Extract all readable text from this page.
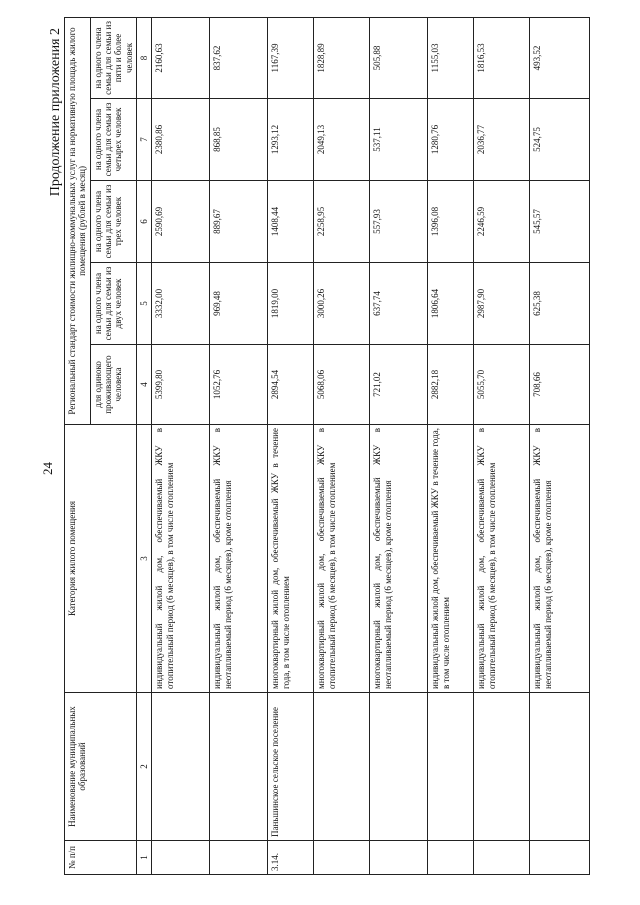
24
Продолжение приложения 2
№ п/п	Наименование муниципальных образований	Категория жилого помещения	Региональный стандарт стоимости жилищно-коммунальных услуг на нормативную площадь жилого помещения (рублей в месяц)				
			для одиноко проживающего человека	на одного члена семьи для семьи из двух человек	на одного члена семьи для семьи из трех человек	на одного члена семьи для семьи из четырех человек	на одного члена семьи для семьи из пяти и более человек
1	2	3	4	5	6	7	8
		индивидуальный жилой дом, обеспечиваемый ЖКУ в отопительный период (6 месяцев), в том числе отоплением	5399,80	3332,00	2590,69	2380,86	2160,63
		индивидуальный жилой дом, обеспечиваемый ЖКУ в неотапливаемый период (6 месяцев), кроме отопления	1052,76	969,48	889,67	868,85	837,62
3.14.	Паньшинское сельское поселение	многоквартирный жилой дом, обеспечиваемый ЖКУ в течение года, в том числе отоплением	2894,54	1819,00	1408,44	1293,12	1167,39
		многоквартирный жилой дом, обеспечиваемый ЖКУ в отопительный период (6 месяцев), в том числе отоплением	5068,06	3000,26	2258,95	2049,13	1828,89
		многоквартирный жилой дом, обеспечиваемый ЖКУ в неотапливаемый период (6 месяцев), кроме отопления	721,02	637,74	557,93	537,11	505,88
		индивидуальный жилой дом, обеспечиваемый ЖКУ в течение года, в том числе отоплением	2882,18	1806,64	1396,08	1280,76	1155,03
		индивидуальный жилой дом, обеспечиваемый ЖКУ в отопительный период (6 месяцев), в том числе отоплением	5055,70	2987,90	2246,59	2036,77	1816,53
		индивидуальный жилой дом, обеспечиваемый ЖКУ в неотапливаемый период (6 месяцев), кроме отопления	708,66	625,38	545,57	524,75	493,52
